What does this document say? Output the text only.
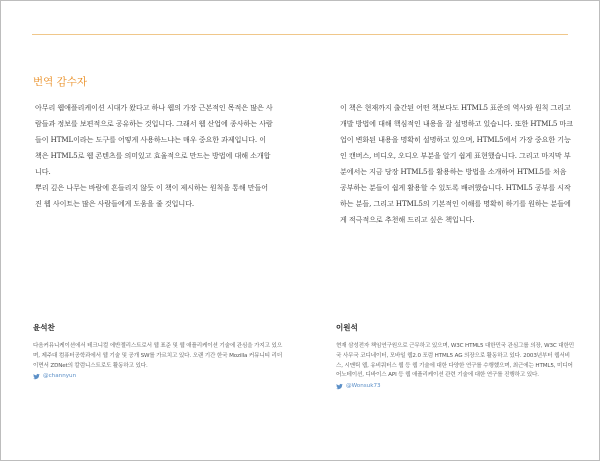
번역 감수자

아무리 웹애플리케이션 시대가 왔다고 하나 웹의 가장 근본적인 목적은 많은 사람들과 정보를 보편적으로 공유하는 것입니다. 그래서 웹 산업에 종사하는 사람들이 HTML이라는 도구를 어떻게 사용하느냐는 매우 중요한 과제입니다. 이 책은 HTML5로 웹 콘텐츠를 의미있고 효율적으로 만드는 방법에 대해 소개합니다.

뿌리 깊은 나무는 바람에 흔들리지 않듯 이 책이 제시하는 원칙을 통해 만들어진 웹 사이트는 많은 사람들에게 도움을 줄 것입니다.

이 책은 현재까지 출간된 어떤 책보다도 HTML5 표준의 역사와 원칙 그리고 개발 방법에 대해 핵심적인 내용을 잘 설명하고 있습니다. 또한 HTML5 마크업이 변화된 내용을 명확히 설명하고 있으며, HTML5에서 가장 중요한 기능인 캔버스, 비디오, 오디오 부분을 알기 쉽게 표현했습니다. 그리고 마지막 부분에서는 지금 당장 HTML5를 활용하는 방법을 소개하여 HTML5를 처음 공부하는 분들이 쉽게 활용할 수 있도록 배려했습니다. HTML5 공부를 시작하는 분들, 그리고 HTML5의 기본적인 이해를 명확히 하기를 원하는 분들에게 적극적으로 추천해 드리고 싶은 책입니다.

윤석찬

다음커뮤니케이션에서 테크니컬 에반젤리스트로서 웹 표준 및 웹 애플리케이션 기술에 관심을 가지고 있으며, 제주대 컴퓨터공학과에서 웹 기술 및 공개 SW를 가르치고 있다. 오랜 기간 한국 Mozilla 커뮤니티 리더이면서 ZDNet의 칼럼니스트로도 활동하고 있다.

@channyun

이원석

현재 삼성전자 책임연구원으로 근무하고 있으며, W3C HTML5 대한민국 관심그룹 의장, W3C 대한민국 사무국 코디네이터, 모바일 웹2.0 포럼 HTML5 AG 의장으로 활동하고 있다. 2003년부터 웹서비스, 시맨틱 웹, 유비쿼터스 웹 등 웹 기술에 대한 다양한 연구를 수행했으며, 최근에는 HTML5, 미디어 어노테이션, 디바이스 API 등 웹 애플리케이션 관련 기술에 대한 연구를 진행하고 있다.

@Wonsuk73
